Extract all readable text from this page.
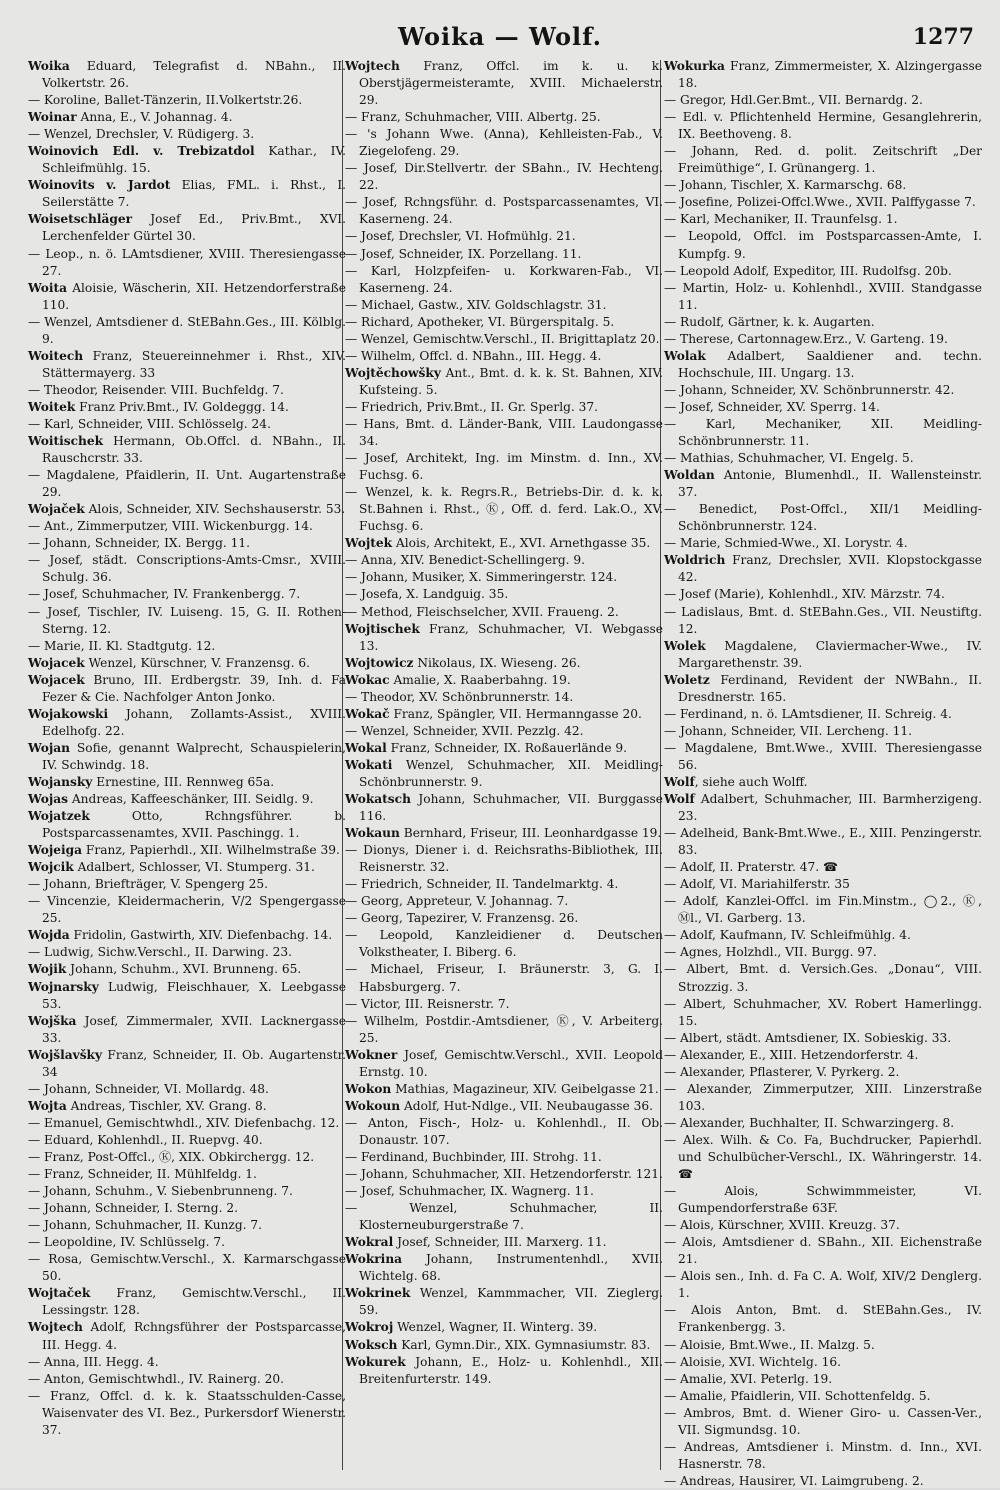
Woika — Wolf.	1277

Woika Eduard, Telegrafist d. NBahn., II. Volkertstr. 26.

— Koroline, Ballet-Tänzerin, II.Volkertstr.26.

Woinar Anna, E., V. Johannag. 4.

— Wenzel, Drechsler, V. Rüdigerg. 3.

Woinovich Edl. v. Trebizatdol Kathar., IV. Schleifmühlg. 15.

Woinovits v. Jardot Elias, FML. i. Rhst., I. Seilerstätte 7.

Woisetschläger Josef Ed., Priv.Bmt., XVI. Lerchenfelder Gürtel 30.

— Leop., n. ö. LAmtsdiener, XVIII. Theresiengasse 27.

Woita Aloisie, Wäscherin, XII. Hetzendorferstraße 110.

— Wenzel, Amtsdiener d. StEBahn.Ges., III. Kölblg. 9.

Woitech Franz, Steuereinnehmer i. Rhst., XIV. Stättermayerg. 33

— Theodor, Reisender. VIII. Buchfeldg. 7.

Woitek Franz Priv.Bmt., IV. Goldeggg. 14.

— Karl, Schneider, VIII. Schlösselg. 24.

Woitischek Hermann, Ob.Offcl. d. NBahn., II. Rauschcrstr. 33.

— Magdalene, Pfaidlerin, II. Unt. Augartenstraße 29.

Wojaček Alois, Schneider, XIV. Sechshauserstr. 53.

— Ant., Zimmerputzer, VIII. Wickenburgg. 14.

— Johann, Schneider, IX. Bergg. 11.

— Josef, städt. Conscriptions-Amts-Cmsr., XVIII. Schulg. 36.

— Josef, Schuhmacher, IV. Frankenbergg. 7.

— Josef, Tischler, IV. Luiseng. 15, G. II. Rothen-Sterng. 12.

— Marie, II. Kl. Stadtgutg. 12.

Wojacek Wenzel, Kürschner, V. Franzensg. 6.

Wojacek Bruno, III. Erdbergstr. 39, Inh. d. Fa Fezer & Cie. Nachfolger Anton Jonko.

Wojakowski Johann, Zollamts-Assist., XVIII. Edelhofg. 22.

Wojan Sofie, genannt Walprecht, Schauspielerin, IV. Schwindg. 18.

Wojansky Ernestine, III. Rennweg 65a.

Wojas Andreas, Kaffeeschänker, III. Seidlg. 9.

Wojatzek Otto, Rchngsführer. b. Postsparcassenamtes, XVII. Paschingg. 1.

Wojeiga Franz, Papierhdl., XII. Wilhelmstraße 39.

Wojcik Adalbert, Schlosser, VI. Stumperg. 31.

— Johann, Briefträger, V. Spengerg 25.

— Vincenzie, Kleidermacherin, V/2 Spengergasse 25.

Wojda Fridolin, Gastwirth, XIV. Diefenbachg. 14.

— Ludwig, Sichw.Verschl., II. Darwing. 23.

Wojik Johann, Schuhm., XVI. Brunneng. 65.

Wojnarsky Ludwig, Fleischhauer, X. Leebgasse 53.

Wojška Josef, Zimmermaler, XVII. Lacknergasse 33.

Wojšlavšky Franz, Schneider, II. Ob. Augartenstr. 34

— Johann, Schneider, VI. Mollardg. 48.

Wojta Andreas, Tischler, XV. Grang. 8.

— Emanuel, Gemischtwhdl., XIV. Diefenbachg. 12.

— Eduard, Kohlenhdl., II. Ruepvg. 40.

— Franz, Post-Offcl., Ⓚ, XIX. Obkirchergg. 12.

— Franz, Schneider, II. Mühlfeldg. 1.

— Johann, Schuhm., V. Siebenbrunneng. 7.

— Johann, Schneider, I. Sterng. 2.

— Johann, Schuhmacher, II. Kunzg. 7.

— Leopoldine, IV. Schlüsselg. 7.

— Rosa, Gemischtw.Verschl., X. Karmarschgasse 50.

Wojtaček Franz, Gemischtw.Verschl., II. Lessingstr. 128.

Wojtech Adolf, Rchngsführer der Postsparcasse, III. Hegg. 4.

— Anna, III. Hegg. 4.

— Anton, Gemischtwhdl., IV. Rainerg. 20.

— Franz, Offcl. d. k. k. Staatsschulden-Casse, Waisenvater des VI. Bez., Purkersdorf Wienerstr. 37.

Wojtech Franz, Offcl. im k. u. k. Oberstjägermeisteramte, XVIII. Michaelerstr. 29.

— Franz, Schuhmacher, VIII. Albertg. 25.

— 's Johann Wwe. (Anna), Kehlleisten-Fab., V. Ziegelofeng. 29.

— Josef, Dir.Stellvertr. der SBahn., IV. Hechteng. 22.

— Josef, Rchngsführ. d. Postsparcassenamtes, VI. Kaserneng. 24.

— Josef, Drechsler, VI. Hofmühlg. 21.

— Josef, Schneider, IX. Porzellang. 11.

— Karl, Holzpfeifen- u. Korkwaren-Fab., VI. Kaserneng. 24.

— Michael, Gastw., XIV. Goldschlagstr. 31.

— Richard, Apotheker, VI. Bürgerspitalg. 5.

— Wenzel, Gemischtw.Verschl., II. Brigittaplatz 20.

— Wilhelm, Offcl. d. NBahn., III. Hegg. 4.

Wojtěchowšky Ant., Bmt. d. k. k. St. Bahnen, XIV. Kufsteing. 5.

— Friedrich, Priv.Bmt., II. Gr. Sperlg. 37.

— Hans, Bmt. d. Länder-Bank, VIII. Laudongasse 34.

— Josef, Architekt, Ing. im Minstm. d. Inn., XV. Fuchsg. 6.

— Wenzel, k. k. Regrs.R., Betriebs-Dir. d. k. k. St.Bahnen i. Rhst., Ⓚ, Off. d. ferd. Lak.O., XV. Fuchsg. 6.

Wojtek Alois, Architekt, E., XVI. Arnethgasse 35.

— Anna, XIV. Benedict-Schellingerg. 9.

— Johann, Musiker, X. Simmeringerstr. 124.

— Josefa, X. Landguig. 35.

— Method, Fleischselcher, XVII. Fraueng. 2.

Wojtischek Franz, Schuhmacher, VI. Webgasse 13.

Wojtowicz Nikolaus, IX. Wieseng. 26.

Wokac Amalie, X. Raaberbahng. 19.

— Theodor, XV. Schönbrunnerstr. 14.

Wokač Franz, Spängler, VII. Hermanngasse 20.

— Wenzel, Schneider, XVII. Pezzlg. 42.

Wokal Franz, Schneider, IX. Roßauerlände 9.

Wokati Wenzel, Schuhmacher, XII. Meidling-Schönbrunnerstr. 9.

Wokatsch Johann, Schuhmacher, VII. Burggasse 116.

Wokaun Bernhard, Friseur, III. Leonhardgasse 19.

— Dionys, Diener i. d. Reichsraths-Bibliothek, III. Reisnerstr. 32.

— Friedrich, Schneider, II. Tandelmarktg. 4.

— Georg, Appreteur, V. Johannag. 7.

— Georg, Tapezirer, V. Franzensg. 26.

— Leopold, Kanzleidiener d. Deutschen Volkstheater, I. Biberg. 6.

— Michael, Friseur, I. Bräunerstr. 3, G. I. Habsburgerg. 7.

— Victor, III. Reisnerstr. 7.

— Wilhelm, Postdir.-Amtsdiener, Ⓚ, V. Arbeiterg. 25.

Wokner Josef, Gemischtw.Verschl., XVII. Leopold Ernstg. 10.

Wokon Mathias, Magazineur, XIV. Geibelgasse 21.

Wokoun Adolf, Hut-Ndlge., VII. Neubaugasse 36.

— Anton, Fisch-, Holz- u. Kohlenhdl., II. Ob. Donaustr. 107.

— Ferdinand, Buchbinder, III. Strohg. 11.

— Johann, Schuhmacher, XII. Hetzendorferstr. 121.

— Josef, Schuhmacher, IX. Wagnerg. 11.

— Wenzel, Schuhmacher, II. Klosterneuburgerstraße 7.

Wokral Josef, Schneider, III. Marxerg. 11.

Wokrina Johann, Instrumentenhdl., XVII. Wichtelg. 68.

Wokrinek Wenzel, Kammmacher, VII. Zieglerg. 59.

Wokroj Wenzel, Wagner, II. Winterg. 39.

Woksch Karl, Gymn.Dir., XIX. Gymnasiumstr. 83.

Wokurek Johann, E., Holz- u. Kohlenhdl., XII. Breitenfurterstr. 149.

Wokurka Franz, Zimmermeister, X. Alzingergasse 18.

— Gregor, Hdl.Ger.Bmt., VII. Bernardg. 2.

— Edl. v. Pflichtenheld Hermine, Gesanglehrerin, IX. Beethoveng. 8.

— Johann, Red. d. polit. Zeitschrift „Der Freimüthige“, I. Grünangerg. 1.

— Johann, Tischler, X. Karmarschg. 68.

— Josefine, Polizei-Offcl.Wwe., XVII. Palffygasse 7.

— Karl, Mechaniker, II. Traunfelsg. 1.

— Leopold, Offcl. im Postsparcassen-Amte, I. Kumpfg. 9.

— Leopold Adolf, Expeditor, III. Rudolfsg. 20b.

— Martin, Holz- u. Kohlenhdl., XVIII. Standgasse 11.

— Rudolf, Gärtner, k. k. Augarten.

— Therese, Cartonnagew.Erz., V. Garteng. 19.

Wolak Adalbert, Saaldiener and. techn. Hochschule, III. Ungarg. 13.

— Johann, Schneider, XV. Schönbrunnerstr. 42.

— Josef, Schneider, XV. Sperrg. 14.

— Karl, Mechaniker, XII. Meidling-Schönbrunnerstr. 11.

— Mathias, Schuhmacher, VI. Engelg. 5.

Woldan Antonie, Blumenhdl., II. Wallensteinstr. 37.

— Benedict, Post-Offcl., XII/1 Meidling-Schönbrunnerstr. 124.

— Marie, Schmied-Wwe., XI. Lorystr. 4.

Woldrich Franz, Drechsler, XVII. Klopstockgasse 42.

— Josef (Marie), Kohlenhdl., XIV. Märzstr. 74.

— Ladislaus, Bmt. d. StEBahn.Ges., VII. Neustiftg. 12.

Wolek Magdalene, Claviermacher-Wwe., IV. Margarethenstr. 39.

Woletz Ferdinand, Revident der NWBahn., II. Dresdnerstr. 165.

— Ferdinand, n. ö. LAmtsdiener, II. Schreig. 4.

— Johann, Schneider, VII. Lercheng. 11.

— Magdalene, Bmt.Wwe., XVIII. Theresiengasse 56.

Wolf, siehe auch Wolff.

Wolf Adalbert, Schuhmacher, III. Barmherzigeng. 23.

— Adelheid, Bank-Bmt.Wwe., E., XIII. Penzingerstr. 83.

— Adolf, II. Praterstr. 47. ☎

— Adolf, VI. Mariahilferstr. 35

— Adolf, Kanzlei-Offcl. im Fin.Minstm., ◯2., Ⓚ, Ⓜl., VI. Garberg. 13.

— Adolf, Kaufmann, IV. Schleifmühlg. 4.

— Agnes, Holzhdl., VII. Burgg. 97.

— Albert, Bmt. d. Versich.Ges. „Donau“, VIII. Strozzig. 3.

— Albert, Schuhmacher, XV. Robert Hamerlingg. 15.

— Albert, städt. Amtsdiener, IX. Sobieskig. 33.

— Alexander, E., XIII. Hetzendorferstr. 4.

— Alexander, Pflasterer, V. Pyrkerg. 2.

— Alexander, Zimmerputzer, XIII. Linzerstraße 103.

— Alexander, Buchhalter, II. Schwarzingerg. 8.

— Alex. Wilh. & Co. Fa, Buchdrucker, Papierhdl. und Schulbücher-Verschl., IX. Währingerstr. 14. ☎

— Alois, Schwimmmeister, VI. Gumpendorferstraße 63F.

— Alois, Kürschner, XVIII. Kreuzg. 37.

— Alois, Amtsdiener d. SBahn., XII. Eichenstraße 21.

— Alois sen., Inh. d. Fa C. A. Wolf, XIV/2 Denglerg. 1.

— Alois Anton, Bmt. d. StEBahn.Ges., IV. Frankenbergg. 3.

— Aloisie, Bmt.Wwe., II. Malzg. 5.

— Aloisie, XVI. Wichtelg. 16.

— Amalie, XVI. Peterlg. 19.

— Amalie, Pfaidlerin, VII. Schottenfeldg. 5.

— Ambros, Bmt. d. Wiener Giro- u. Cassen-Ver., VII. Sigmundsg. 10.

— Andreas, Amtsdiener i. Minstm. d. Inn., XVI. Hasnerstr. 78.

— Andreas, Hausirer, VI. Laimgrubeng. 2.
